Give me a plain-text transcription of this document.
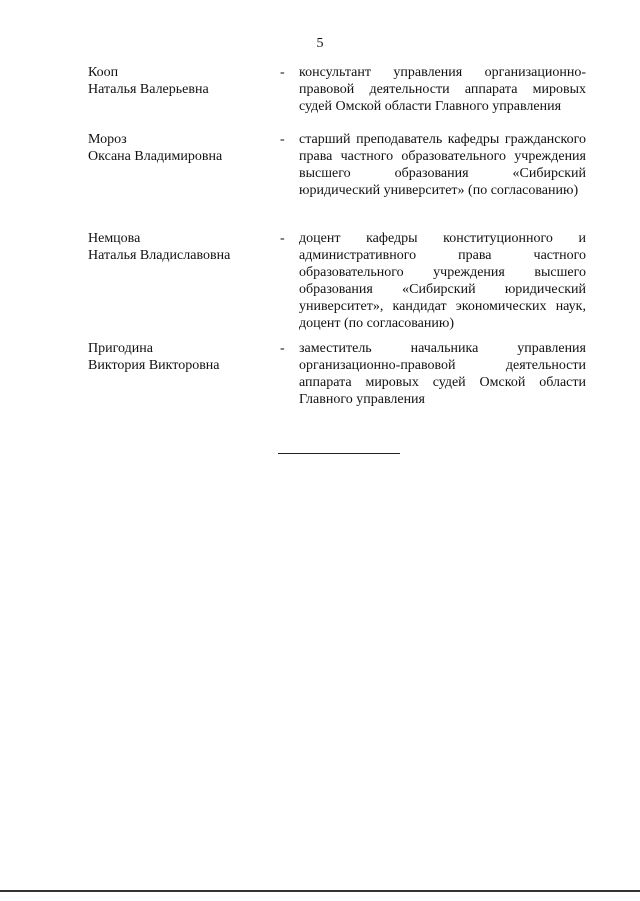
5
Кооп
Наталья Валерьевна
-	консультант управления организационно-правовой деятельности аппарата мировых судей Омской области Главного управления
Мороз
Оксана Владимировна
-	старший преподаватель кафедры гражданского права частного образовательного учреждения высшего образования «Сибирский юридический университет» (по согласованию)
Немцова
Наталья Владиславовна
-	доцент кафедры конституционного и административного права частного образовательного учреждения высшего образования «Сибирский юридический университет», кандидат экономических наук, доцент (по согласованию)
Пригодина
Виктория Викторовна
-	заместитель начальника управления организационно-правовой деятельности аппарата мировых судей Омской области Главного управления
